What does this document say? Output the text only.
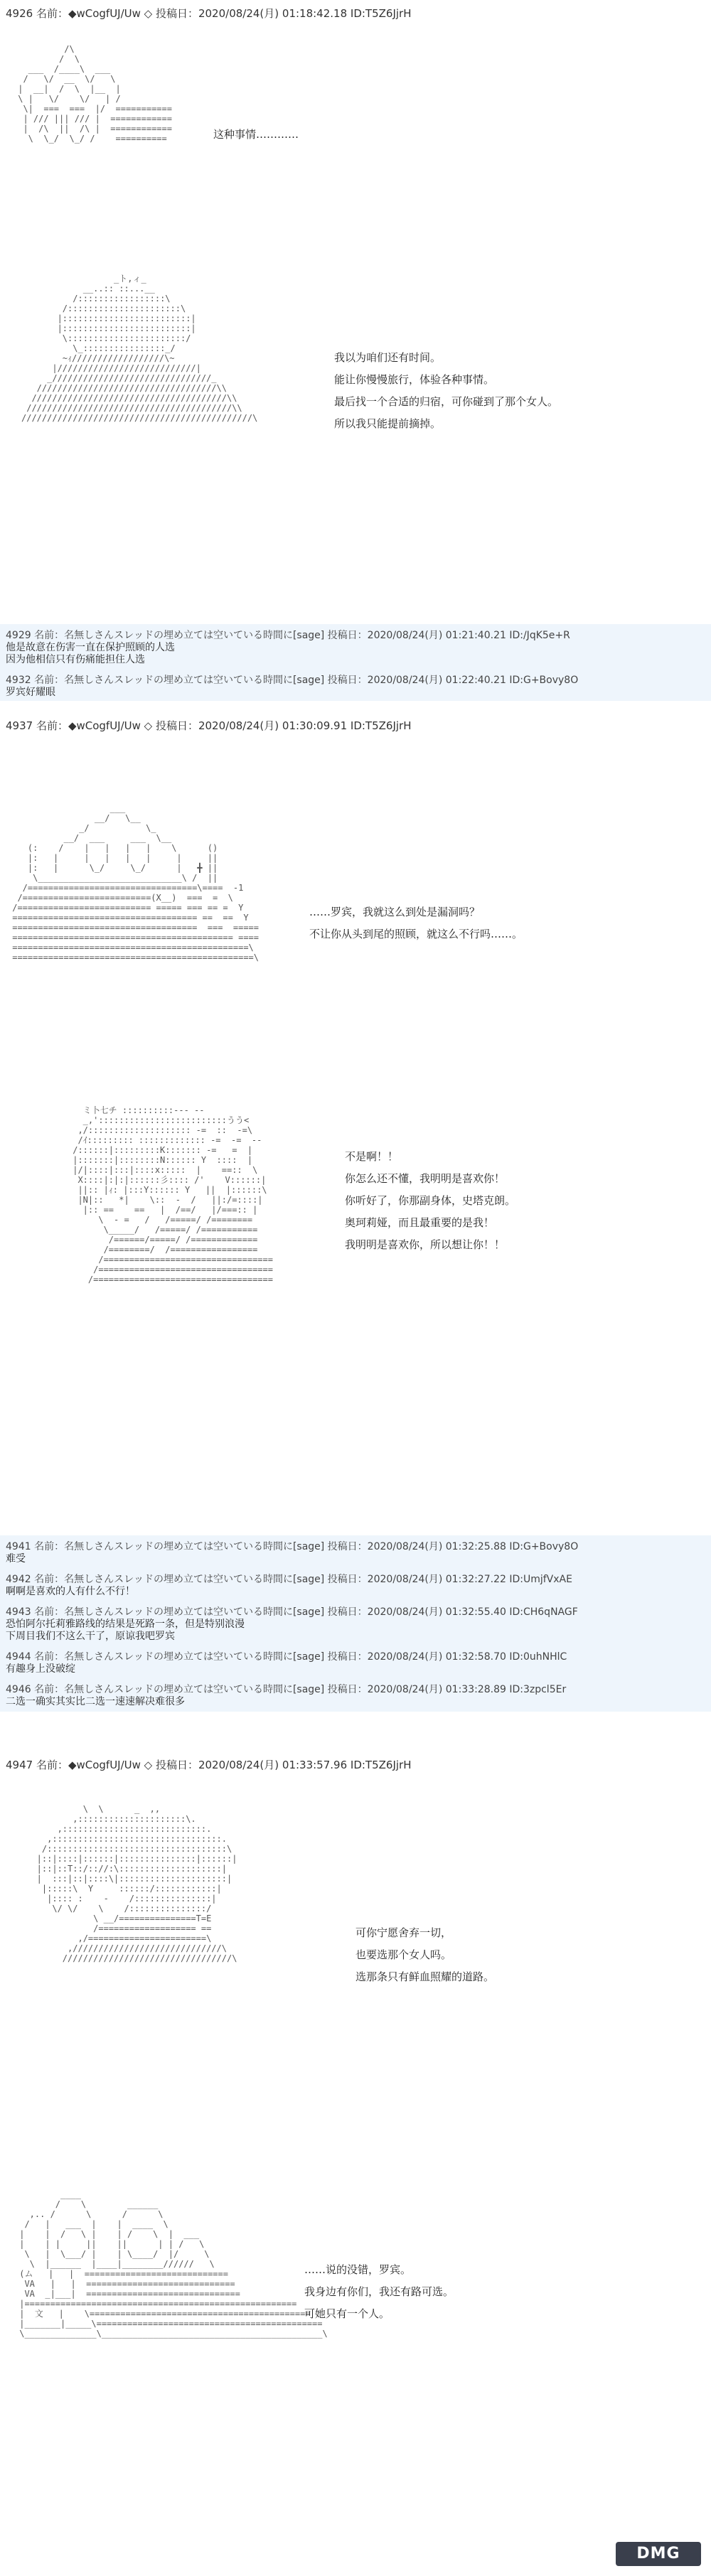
4926 名前：◆wCogfUJ/Uw ◇ 投稿日：2020/08/24(月) 01:18:42.18 ID:T5Z6JjrH
/\
/  \
___  /____\  ___
/   \/  __  \/   \
|  __|  /  \  |__  |
\ |   \/    \/   | /
\|  ===  ===  |/  ===========
| /// ||| /// |  ============
|  /\  ||  /\ |  ============
\  \_/  \_/ /    ==========	这种事情…………
_ト,ィ_
__..:: ::...__
/:::::::::::::::::\
/::::::::::::::::::::::\
|:::::::::::::::::::::::::|
|:::::::::::::::::::::::::|
\:::::::::::::::::::::::/
\_::::::::::::::::_/
~ｨ//////////////////\~
|///////////////////////////|
_///////////////////////////////_
///////////////////////////////////\\
//////////////////////////////////////\\
////////////////////////////////////////\\
/////////////////////////////////////////////\
我以为咱们还有时间。
能让你慢慢旅行，体验各种事情。
最后找一个合适的归宿，可你碰到了那个女人。
所以我只能提前摘掉。
4929 名前：名無しさんスレッドの埋め立ては空いている時間に[sage] 投稿日：2020/08/24(月) 01:21:40.21 ID:/JqK5e+R
他是故意在伤害一直在保护照顾的人选
因为他相信只有伤痛能担住人选
4932 名前：名無しさんスレッドの埋め立ては空いている時間に[sage] 投稿日：2020/08/24(月) 01:22:40.21 ID:G+Bovy8O
罗宾好耀眼
4937 名前：◆wCogfUJ/Uw ◇ 投稿日：2020/08/24(月) 01:30:09.91 ID:T5Z6JjrH
___
__/   \__
_/           \_
__/  ___     ___  \__
(:    /    |   |   |   |    \      ()
|:   |     |   |   |   |     |     ||
|:   |      \_/     \_/      |   ╋ ||
\____________________________\ /  ||
/=================================\====  -1
/=========================(X__)  ===  =  \
/========================== ===== === == =  Y
==================================== ==  ==  Y
====================================  ===  =====
=========================================== ====
==============================================\
===============================================\
……罗宾，我就这么到处是漏洞吗？
不让你从头到尾的照顾，就这么不行吗……。
ミ卜七チ ::::::::::--- ‐-
_,':::::::::::::::::::::::::うう<
,/:::::::::::::::::::: -=  ::  -=\
/ｲ::::::::: ::::::::::::: ‐=  -=  ‐-
/::::::|:::::::::K::::::: ‐=   =  |
|:::::::|::::::::N:::::: Y  ::::  |
|/|::::|:::|::::x:::::  |    ==::  \
X::::|:|:|::::::彡:::: /'    V::::::|
||:: |ｨ: |:::Y:::::: Y   ||  |::::::\
|N|::   *|    \::  ‐  /   ||:/=::::|
|:: ==    ==   |  /==/   |/===:: |
\  ‐ =   /   /=====/ /========
\_____/   /=====/ /===========
/======/=====/ /=============
/========/  /=================
/=================================
/==================================
/===================================
不是啊！！
你怎么还不懂，我明明是喜欢你！
你听好了，你那副身体，史塔克朗。
奥珂莉娅，而且最重要的是我！
我明明是喜欢你，所以想让你！！
4941 名前：名無しさんスレッドの埋め立ては空いている時間に[sage] 投稿日：2020/08/24(月) 01:32:25.88 ID:G+Bovy8O
难受
4942 名前：名無しさんスレッドの埋め立ては空いている時間に[sage] 投稿日：2020/08/24(月) 01:32:27.22 ID:UmjfVxAE
啊啊是喜欢的人有什么不行！
4943 名前：名無しさんスレッドの埋め立ては空いている時間に[sage] 投稿日：2020/08/24(月) 01:32:55.40 ID:CH6qNAGF
恐怕阿尔托莉雅路线的结果是死路一条，但是特别浪漫
下周目我们不这么干了，原谅我吧罗宾
4944 名前：名無しさんスレッドの埋め立ては空いている時間に[sage] 投稿日：2020/08/24(月) 01:32:58.70 ID:0uhNHlC
有趣身上没破绽
4946 名前：名無しさんスレッドの埋め立ては空いている時間に[sage] 投稿日：2020/08/24(月) 01:33:28.89 ID:3zpcl5Er
二选一确实其实比二选一速速解决难很多
4947 名前：◆wCogfUJ/Uw ◇ 投稿日：2020/08/24(月) 01:33:57.96 ID:T5Z6JjrH
\  \      _  ,,
,:::::::::::::::::::::\.
,::::::::::::::::::::::::::::.
,:::::::::::::::::::::::::::::::::.
/:::::::::::::::::::::::::::::::::::\
|::|::::|::::::|:::::::::::::::|::::::|
|::|::T::/:://:\::::::::::::::::::::|
|  :::|::|::::\|:::::::::::::::::::::|
|:::::\  Y     ::::::/::::::::::::|
|:::: :    ‐    /:::::::::::::::|
\/ \/    \    /:::::::::::::::/
\ __/===============T=E
/=================== ==
,/=======================\
,/////////////////////////////\
/////////////////////////////////\
可你宁愿舍弃一切，
也要选那个女人吗。
选那条只有鲜血照耀的道路。
____
/    \        ______
,.. /      \      /      \
/   |   ___  |    |  ____  \
|    |  /   \ |    | /    \  |  ___
|    | |     ||    ||      | | /   \
\   |  \___/ |    | \____/  |/     \
\  |______  |____|________//////   \
(ム   |   |  ============================
VA   |   |  =============================
VA  _|___|  ==============================
|=====================================================
|  文   |    \===========================================
|_______|_____\============================================
\______________\___________________________________________\
……说的没错，罗宾。
我身边有你们，我还有路可选。
可她只有一个人。
DMG
